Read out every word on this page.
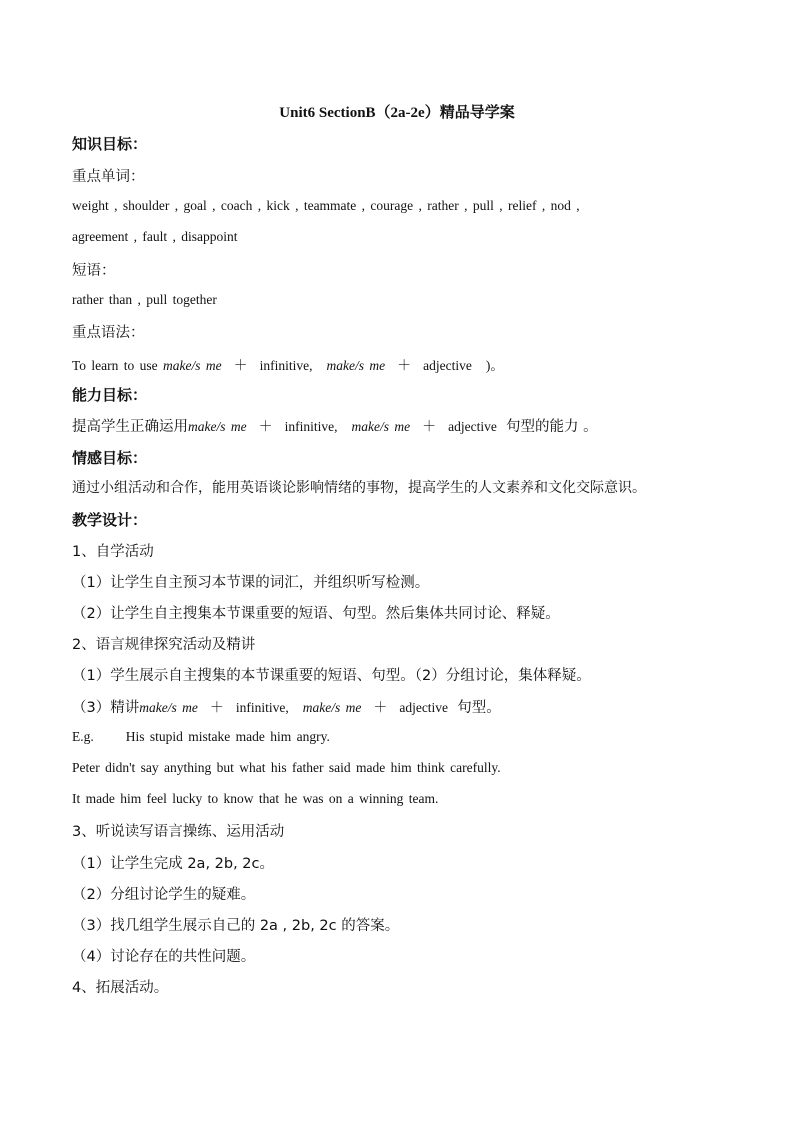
Unit6 SectionB（2a-2e）精品导学案
知识目标：
重点单词：
weight , shoulder , goal , coach , kick , teammate , courage , rather , pull , relief , nod ,
agreement , fault , disappoint
短语：
rather than , pull together
重点语法：
To learn to use make/s me ＋ infinitive, make/s me ＋ adjective )。
能力目标：
提高学生正确运用make/s me ＋ infinitive, make/s me ＋ adjective 句型的能力 。
情感目标：
通过小组活动和合作，能用英语谈论影响情绪的事物，提高学生的人文素养和文化交际意识。
教学设计：
1、自学活动
（1）让学生自主预习本节课的词汇，并组织听写检测。
（2）让学生自主搜集本节课重要的短语、句型。然后集体共同讨论、释疑。
2、语言规律探究活动及精讲
（1）学生展示自主搜集的本节课重要的短语、句型。（2）分组讨论，集体释疑。
（3）精讲make/s me ＋ infinitive, make/s me ＋ adjective 句型。
E.g. His stupid mistake made him angry.
Peter didn't say anything but what his father said made him think carefully.
It made him feel lucky to know that he was on a winning team.
3、听说读写语言操练、运用活动
（1）让学生完成 2a, 2b, 2c。
（2）分组讨论学生的疑难。
（3）找几组学生展示自己的 2a , 2b, 2c 的答案。
（4）讨论存在的共性问题。
4、拓展活动。
